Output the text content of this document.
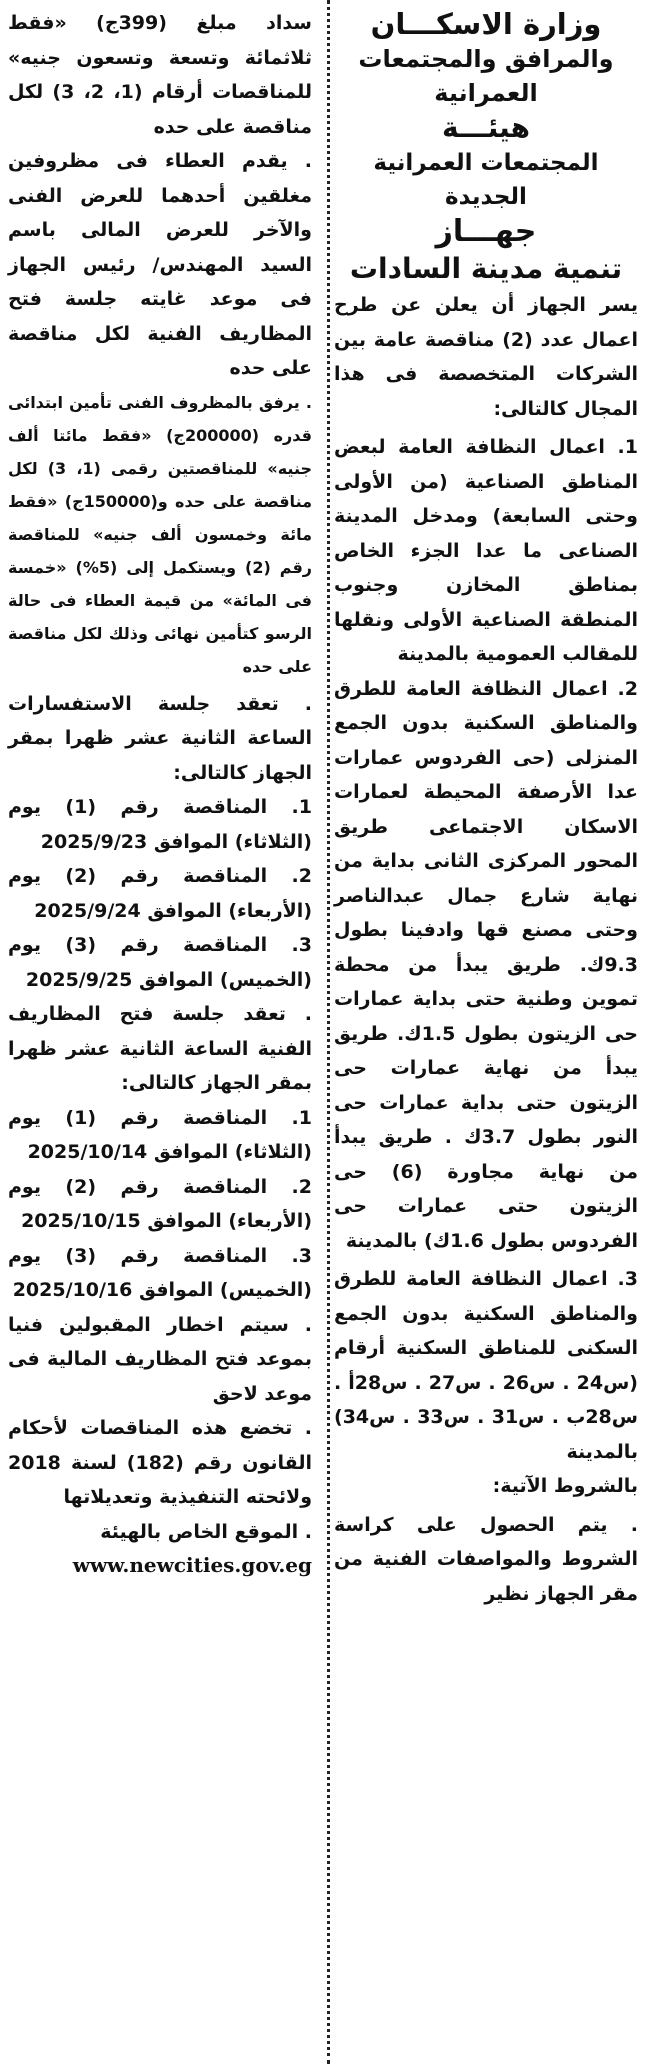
وزارة الاسكـــان
والمرافق والمجتمعات العمرانية
هيئـــة
المجتمعات العمرانية الجديدة
جهـــاز
تنمية مدينة السادات

يسر الجهاز أن يعلن عن طرح اعمال عدد (2) مناقصة عامة بين الشركات المتخصصة فى هذا المجال كالتالى:

1. اعمال النظافة العامة لبعض المناطق الصناعية (من الأولى وحتى السابعة) ومدخل المدينة الصناعى ما عدا الجزء الخاص بمناطق المخازن وجنوب المنطقة الصناعية الأولى ونقلها للمقالب العمومية بالمدينة

2. اعمال النظافة العامة للطرق والمناطق السكنية بدون الجمع المنزلى (حى الفردوس عمارات عدا الأرصفة المحيطة لعمارات الاسكان الاجتماعى طريق المحور المركزى الثانى بداية من نهاية شارع جمال عبدالناصر وحتى مصنع قها وادفينا بطول 9.3ك. طريق يبدأ من محطة تموين وطنية حتى بداية عمارات حى الزيتون بطول 1.5ك. طريق يبدأ من نهاية عمارات حى الزيتون حتى بداية عمارات حى النور بطول 3.7ك . طريق يبدأ من نهاية مجاورة (6) حى الزيتون حتى عمارات حى الفردوس بطول 1.6ك) بالمدينة

3. اعمال النظافة العامة للطرق والمناطق السكنية بدون الجمع السكنى للمناطق السكنية أرقام (س24 . س26 . س27 . س28أ . س28ب . س31 . س33 . س34) بالمدينة

بالشروط الآتية:

. يتم الحصول على كراسة الشروط والمواصفات الفنية من مقر الجهاز نظير

سداد مبلغ (399ج) «فقط ثلاثمائة وتسعة وتسعون جنيه» للمناقصات أرقام (1، 2، 3) لكل مناقصة على حده

. يقدم العطاء فى مظروفين مغلقين أحدهما للعرض الفنى والآخر للعرض المالى باسم السيد المهندس/ رئيس الجهاز فى موعد غايته جلسة فتح المظاريف الفنية لكل مناقصة على حده

. يرفق بالمظروف الفنى تأمين ابتدائى قدره (200000ج) «فقط مائتا ألف جنيه» للمناقصتين رقمى (1، 3) لكل مناقصة على حده و(150000ج) «فقط مائة وخمسون ألف جنيه» للمناقصة رقم (2) ويستكمل إلى (5%) «خمسة فى المائة» من قيمة العطاء فى حالة الرسو كتأمين نهائى وذلك لكل مناقصة على حده

. تعقد جلسة الاستفسارات الساعة الثانية عشر ظهرا بمقر الجهاز كالتالى:

1. المناقصة رقم (1) يوم (الثلاثاء) الموافق 2025/9/23

2. المناقصة رقم (2) يوم (الأربعاء) الموافق 2025/9/24

3. المناقصة رقم (3) يوم (الخميس) الموافق 2025/9/25

. تعقد جلسة فتح المظاريف الفنية الساعة الثانية عشر ظهرا بمقر الجهاز كالتالى:

1. المناقصة رقم (1) يوم (الثلاثاء) الموافق 2025/10/14

2. المناقصة رقم (2) يوم (الأربعاء) الموافق 2025/10/15

3. المناقصة رقم (3) يوم (الخميس) الموافق 2025/10/16

. سيتم اخطار المقبولين فنيا بموعد فتح المظاريف المالية فى موعد لاحق

. تخضع هذه المناقصات لأحكام القانون رقم (182) لسنة 2018 ولائحته التنفيذية وتعديلاتها

. الموقع الخاص بالهيئة

www.newcities.gov.eg
